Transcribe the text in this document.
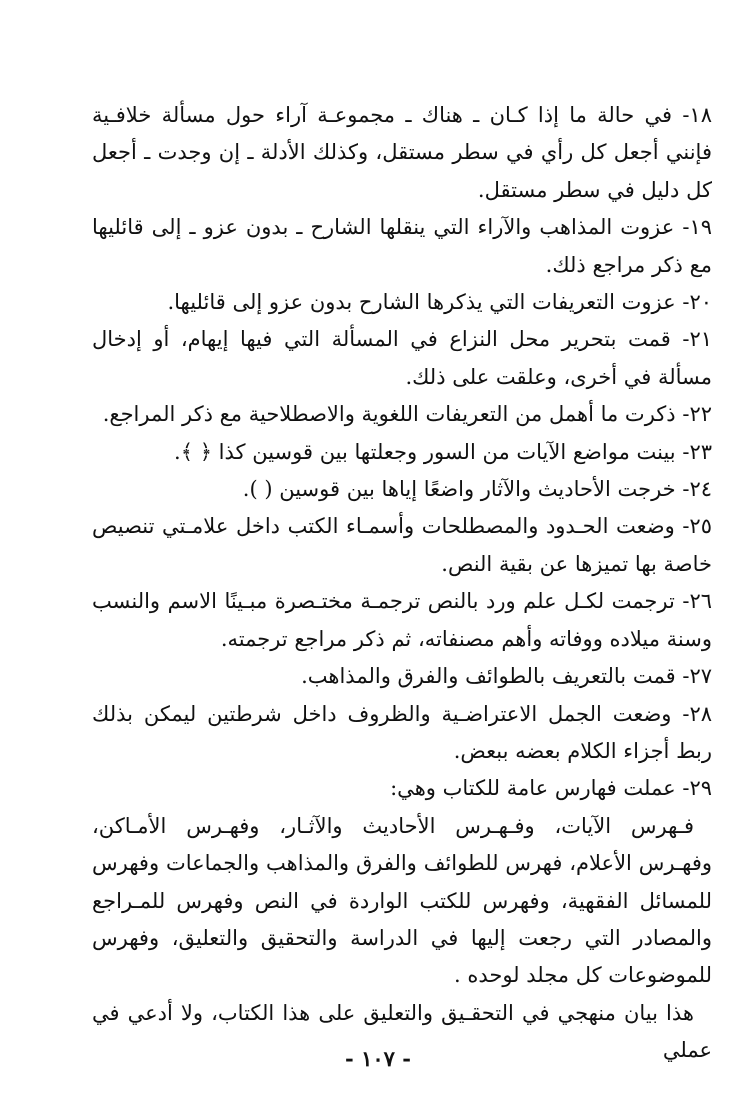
١٨- في حالة ما إذا كـان ـ هناك ـ مجموعـة آراء حول مسألة خلافـية فإنني أجعل كل رأي في سطر مستقل، وكذلك الأدلة ـ إن وجدت ـ أجعل كل دليل في سطر مستقل.

١٩- عزوت المذاهب والآراء التي ينقلها الشارح ـ بدون عزو ـ إلى قائليها مع ذكر مراجع ذلك.

٢٠- عزوت التعريفات التي يذكرها الشارح بدون عزو إلى قائليها.

٢١- قمت بتحرير محل النزاع في المسألة التي فيها إيهام، أو إدخال مسألة في أخرى، وعلقت على ذلك.

٢٢- ذكرت ما أهمل من التعريفات اللغوية والاصطلاحية مع ذكر المراجع.

٢٣- بينت مواضع الآيات من السور وجعلتها بين قوسين كذا ﴿ ﴾.

٢٤- خرجت الأحاديث والآثار واضعًا إياها بين قوسين ( ).

٢٥- وضعت الحـدود والمصطلحات وأسمـاء الكتب داخل علامـتي تنصيص خاصة بها تميزها عن بقية النص.

٢٦- ترجمت لكـل علم ورد بالنص ترجمـة مختـصرة مبـينًا الاسم والنسب وسنة ميلاده ووفاته وأهم مصنفاته، ثم ذكر مراجع ترجمته.

٢٧- قمت بالتعريف بالطوائف والفرق والمذاهب.

٢٨- وضعت الجمل الاعتراضـية والظروف داخل شرطتين ليمكن بذلك ربط أجزاء الكلام بعضه ببعض.

٢٩- عملت فهارس عامة للكتاب وهي:

فـهرس الآيات، وفـهـرس الأحاديث والآثـار، وفهـرس الأمـاكن، وفهـرس الأعلام، فهرس للطوائف والفرق والمذاهب والجماعات وفهرس للمسائل الفقهية، وفهرس للكتب الواردة في النص وفهرس للمـراجع والمصادر التي رجعت إليها في الدراسة والتحقيق والتعليق، وفهرس للموضوعات كل مجلد لوحده .

هذا بيان منهجي في التحقـيق والتعليق على هذا الكتاب، ولا أدعي في عملي

- ١٠٧ -
